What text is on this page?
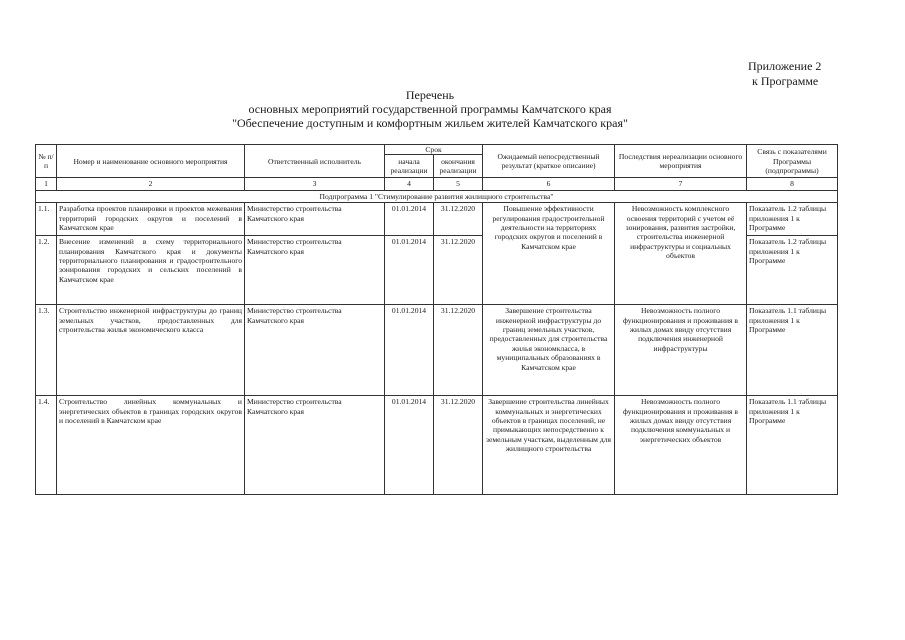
Приложение 2
к Программе
Перечень
основных мероприятий государственной программы Камчатского края
"Обеспечение доступным и комфортным жильем жителей Камчатского края"
№ п/п	Номер и наименование основного мероприятия	Ответственный исполнитель	Срок		Ожидаемый непосредственный результат (краткое описание)	Последствия нереализации основного мероприятия	Связь с показателями Программы (подпрограммы)
			начала реализации	окончания реализации			
1	2	3	4	5	6	7	8
Подпрограмма 1 "Стимулирование развития жилищного строительства"							
1.1.	Разработка проектов планировки и проектов межевания территорий городских округов и поселений в Камчатском крае	Министерство строительства Камчатского края	01.01.2014	31.12.2020	Повышение эффективности регулирования градостроительной деятельности на территориях городских округов и поселений в Камчатском крае	Невозможность комплексного освоения территорий с учетом её зонирования, развития застройки, строительства инженерной инфраструктуры и социальных объектов	Показатель 1.2 таблицы приложения 1 к Программе
1.2.	Внесение изменений в схему территориального планирования Камчатского края и документы территориального планирования и градостроительного зонирования городских и сельских поселений в Камчатском крае	Министерство строительства Камчатского края	01.01.2014	31.12.2020			Показатель 1.2 таблицы приложения 1 к Программе
1.3.	Строительство инженерной инфраструктуры до границ земельных участков, предоставленных для строительства жилья экономического класса	Министерство строительства Камчатского края	01.01.2014	31.12.2020	Завершение строительства инженерной инфраструктуры до границ земельных участков, предоставленных для строительства жилья экономкласса, в муниципальных образованиях в Камчатском крае	Невозможность полного функционирования и проживания в жилых домах ввиду отсутствия подключения инженерной инфраструктуры	Показатель 1.1 таблицы приложения 1 к Программе
1.4.	Строительство линейных коммунальных и энергетических объектов в границах городских округов и поселений в Камчатском крае	Министерство строительства Камчатского края	01.01.2014	31.12.2020	Завершение строительства линейных коммунальных и энергетических объектов в границах поселений, не примыкающих непосредственно к земельным участкам, выделенным для жилищного строительства	Невозможность полного функционирования и проживания в жилых домах ввиду отсутствия подключения коммунальных и энергетических объектов	Показатель 1.1 таблицы приложения 1 к Программе
